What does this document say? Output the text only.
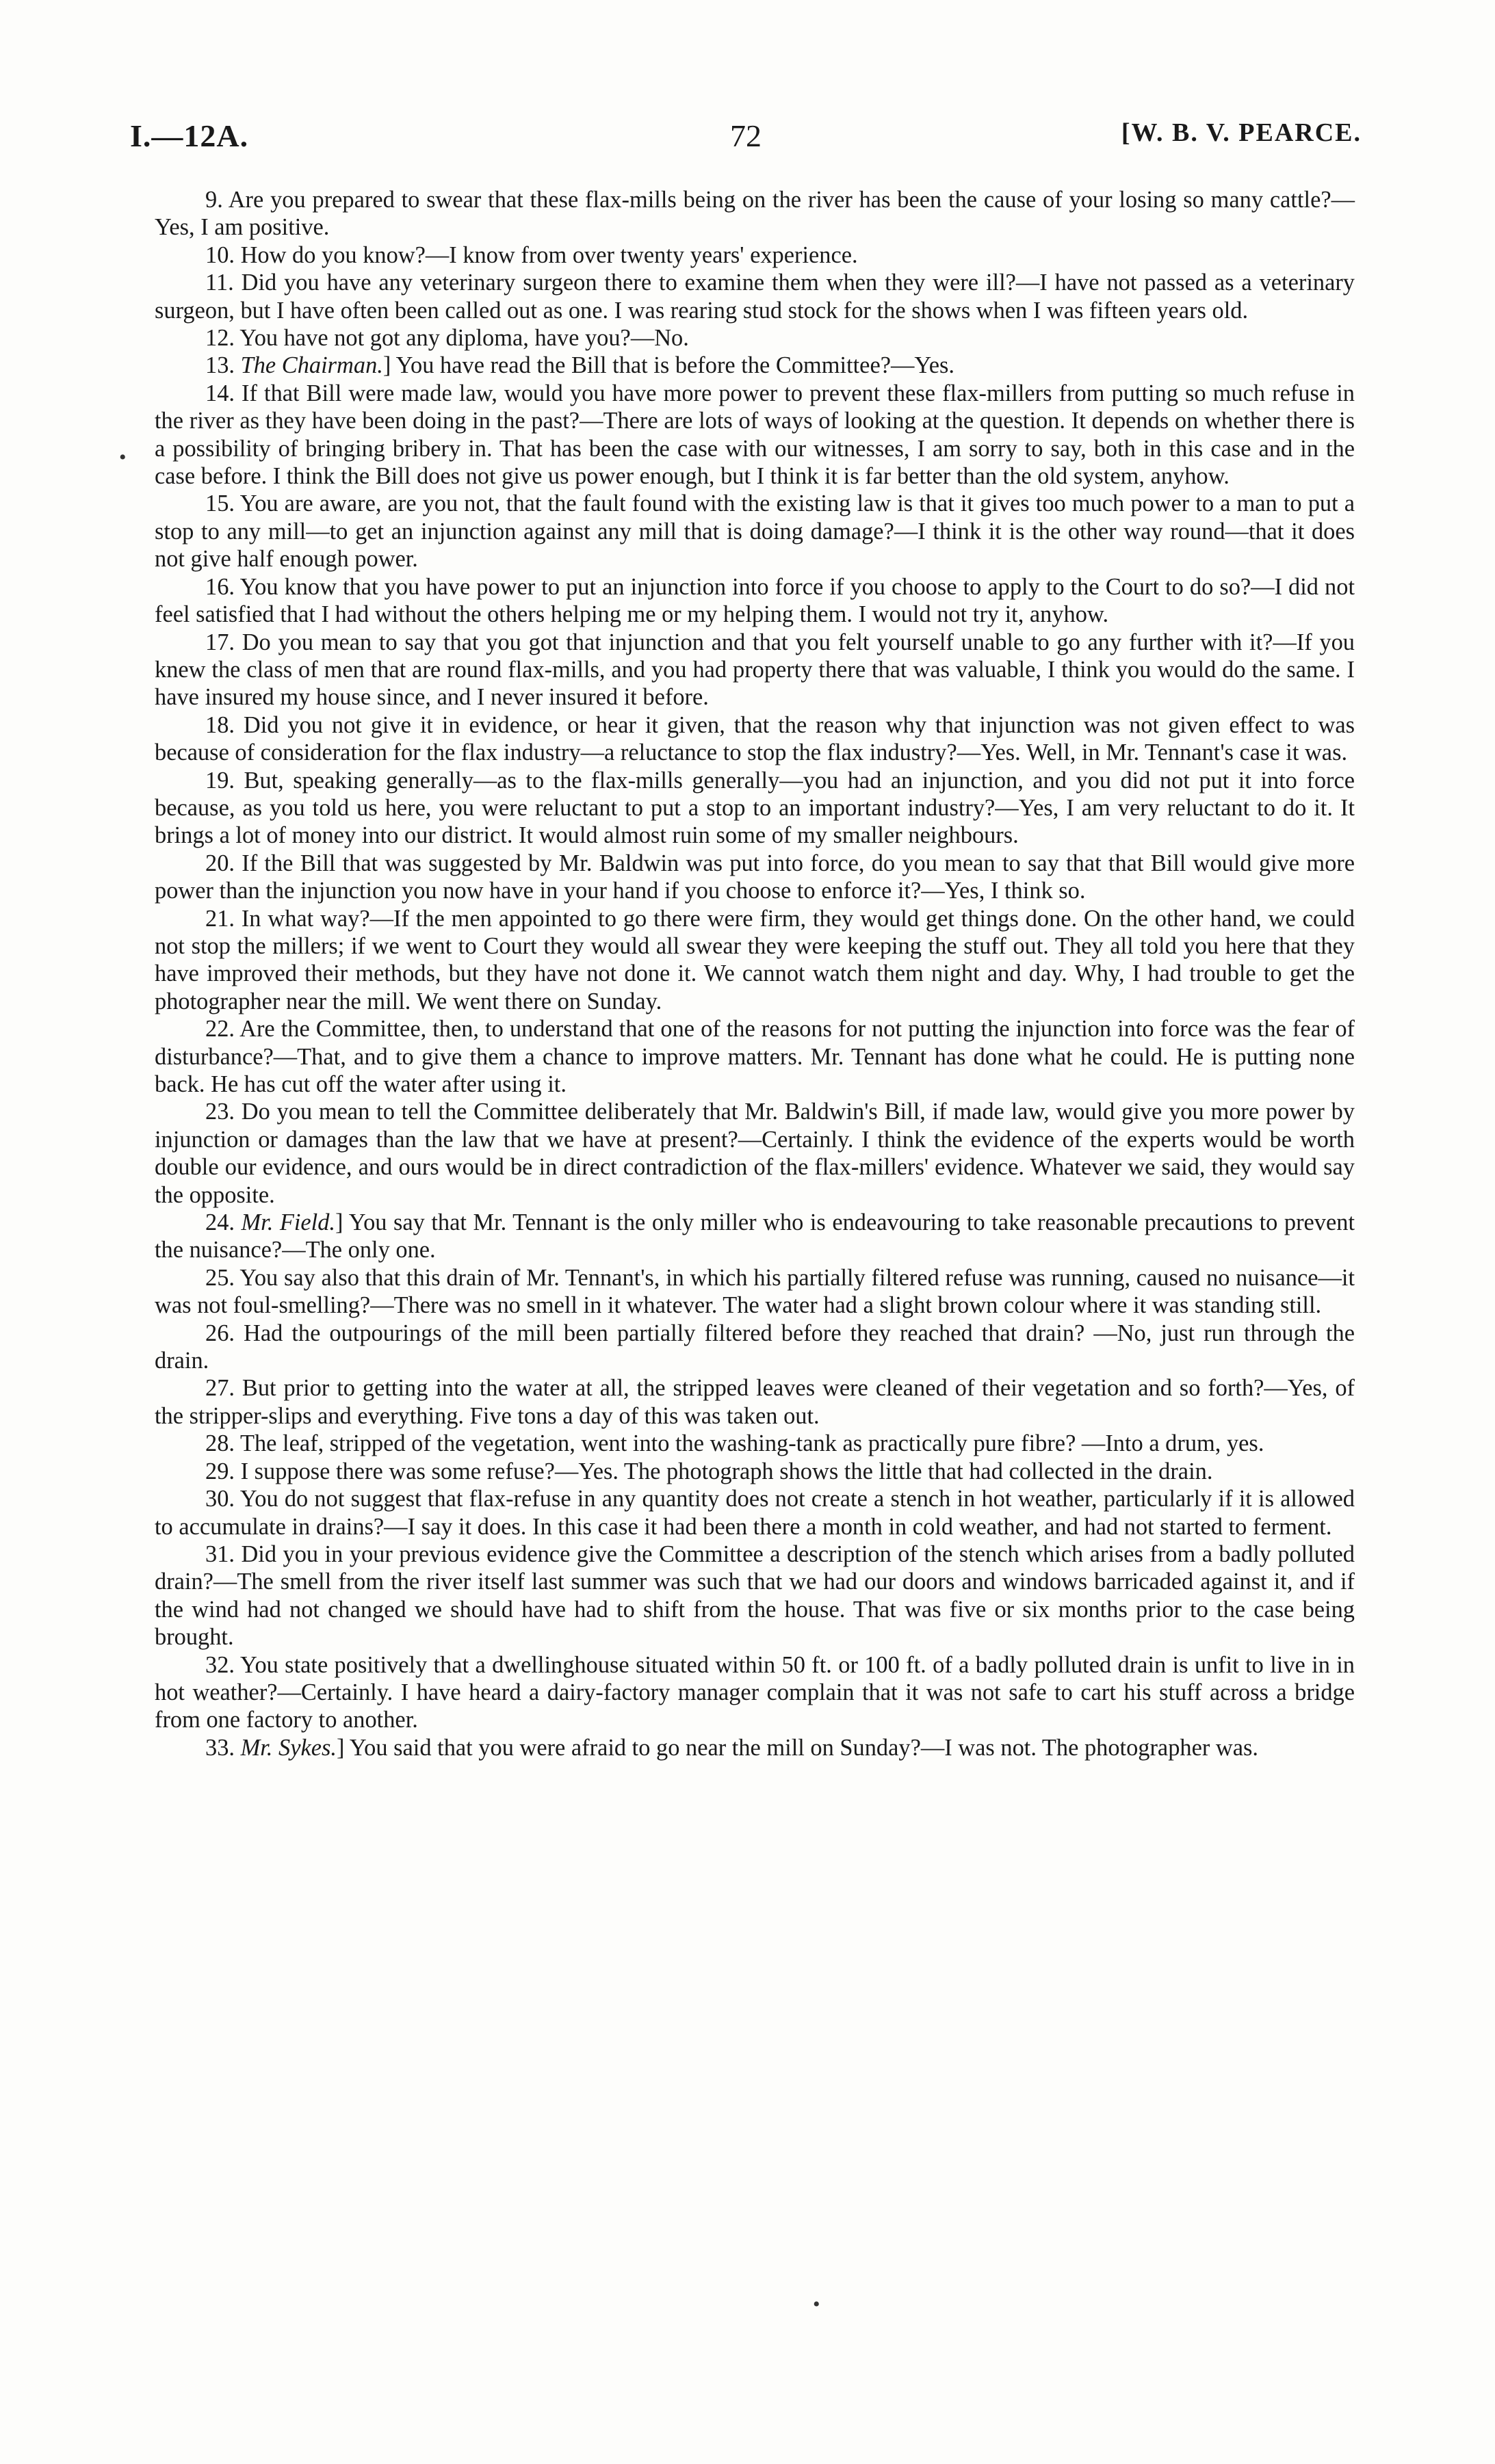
I.—12A.	72	[W. B. V. PEARCE.

9. Are you prepared to swear that these flax-mills being on the river has been the cause of your losing so many cattle?—Yes, I am positive.

10. How do you know?—I know from over twenty years' experience.

11. Did you have any veterinary surgeon there to examine them when they were ill?—I have not passed as a veterinary surgeon, but I have often been called out as one. I was rearing stud stock for the shows when I was fifteen years old.

12. You have not got any diploma, have you?—No.

13. The Chairman.] You have read the Bill that is before the Committee?—Yes.

14. If that Bill were made law, would you have more power to prevent these flax-millers from putting so much refuse in the river as they have been doing in the past?—There are lots of ways of looking at the question. It depends on whether there is a possibility of bringing bribery in. That has been the case with our witnesses, I am sorry to say, both in this case and in the case before. I think the Bill does not give us power enough, but I think it is far better than the old system, anyhow.

15. You are aware, are you not, that the fault found with the existing law is that it gives too much power to a man to put a stop to any mill—to get an injunction against any mill that is doing damage?—I think it is the other way round—that it does not give half enough power.

16. You know that you have power to put an injunction into force if you choose to apply to the Court to do so?—I did not feel satisfied that I had without the others helping me or my helping them. I would not try it, anyhow.

17. Do you mean to say that you got that injunction and that you felt yourself unable to go any further with it?—If you knew the class of men that are round flax-mills, and you had property there that was valuable, I think you would do the same. I have insured my house since, and I never insured it before.

18. Did you not give it in evidence, or hear it given, that the reason why that injunction was not given effect to was because of consideration for the flax industry—a reluctance to stop the flax industry?—Yes. Well, in Mr. Tennant's case it was.

19. But, speaking generally—as to the flax-mills generally—you had an injunction, and you did not put it into force because, as you told us here, you were reluctant to put a stop to an important industry?—Yes, I am very reluctant to do it. It brings a lot of money into our district. It would almost ruin some of my smaller neighbours.

20. If the Bill that was suggested by Mr. Baldwin was put into force, do you mean to say that that Bill would give more power than the injunction you now have in your hand if you choose to enforce it?—Yes, I think so.

21. In what way?—If the men appointed to go there were firm, they would get things done. On the other hand, we could not stop the millers; if we went to Court they would all swear they were keeping the stuff out. They all told you here that they have improved their methods, but they have not done it. We cannot watch them night and day. Why, I had trouble to get the photographer near the mill. We went there on Sunday.

22. Are the Committee, then, to understand that one of the reasons for not putting the injunction into force was the fear of disturbance?—That, and to give them a chance to improve matters. Mr. Tennant has done what he could. He is putting none back. He has cut off the water after using it.

23. Do you mean to tell the Committee deliberately that Mr. Baldwin's Bill, if made law, would give you more power by injunction or damages than the law that we have at present?—Certainly. I think the evidence of the experts would be worth double our evidence, and ours would be in direct contradiction of the flax-millers' evidence. Whatever we said, they would say the opposite.

24. Mr. Field.] You say that Mr. Tennant is the only miller who is endeavouring to take reasonable precautions to prevent the nuisance?—The only one.

25. You say also that this drain of Mr. Tennant's, in which his partially filtered refuse was running, caused no nuisance—it was not foul-smelling?—There was no smell in it whatever. The water had a slight brown colour where it was standing still.

26. Had the outpourings of the mill been partially filtered before they reached that drain? —No, just run through the drain.

27. But prior to getting into the water at all, the stripped leaves were cleaned of their vegetation and so forth?—Yes, of the stripper-slips and everything. Five tons a day of this was taken out.

28. The leaf, stripped of the vegetation, went into the washing-tank as practically pure fibre? —Into a drum, yes.

29. I suppose there was some refuse?—Yes. The photograph shows the little that had collected in the drain.

30. You do not suggest that flax-refuse in any quantity does not create a stench in hot weather, particularly if it is allowed to accumulate in drains?—I say it does. In this case it had been there a month in cold weather, and had not started to ferment.

31. Did you in your previous evidence give the Committee a description of the stench which arises from a badly polluted drain?—The smell from the river itself last summer was such that we had our doors and windows barricaded against it, and if the wind had not changed we should have had to shift from the house. That was five or six months prior to the case being brought.

32. You state positively that a dwellinghouse situated within 50 ft. or 100 ft. of a badly polluted drain is unfit to live in in hot weather?—Certainly. I have heard a dairy-factory manager complain that it was not safe to cart his stuff across a bridge from one factory to another.

33. Mr. Sykes.] You said that you were afraid to go near the mill on Sunday?—I was not. The photographer was.

•
•
